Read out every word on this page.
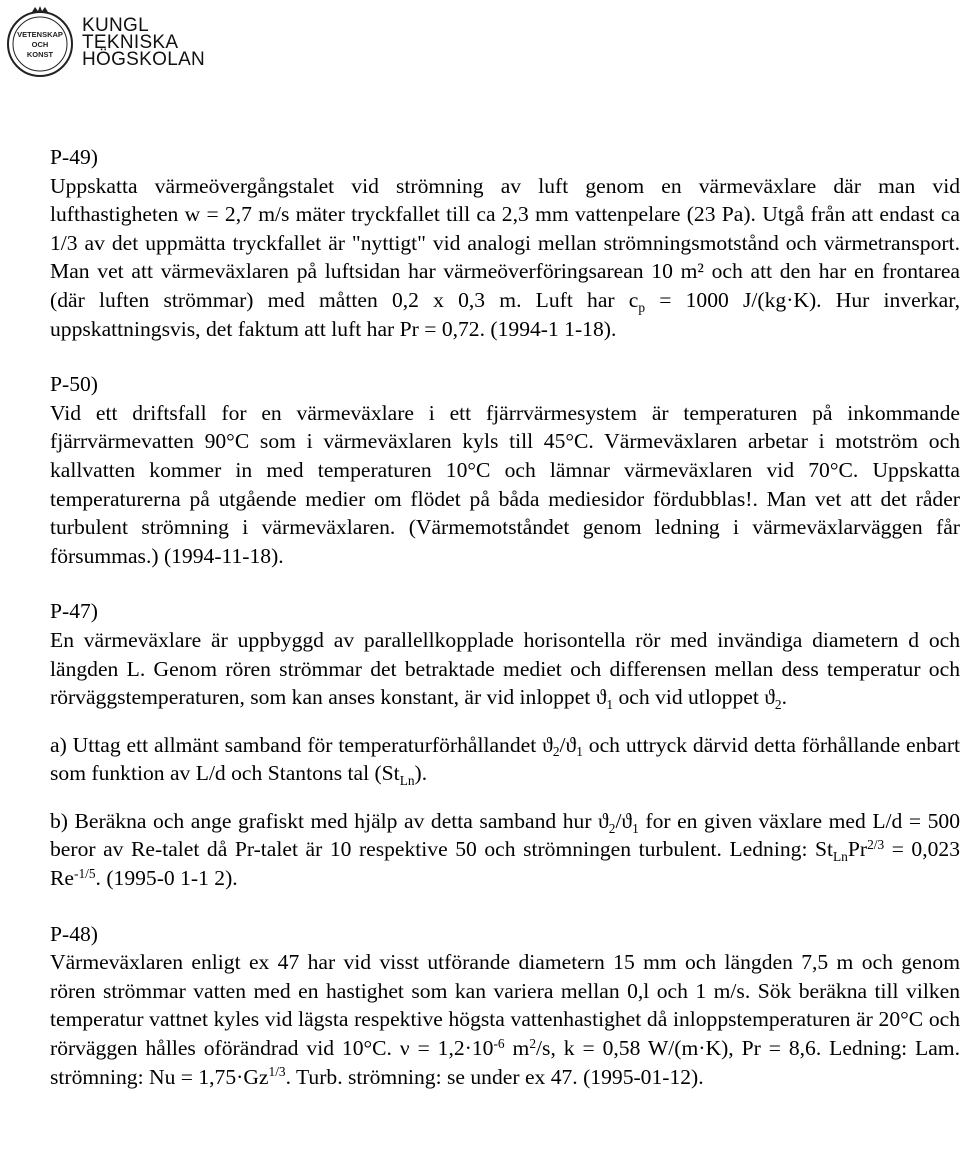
VETENSKAP
OCH
KONST
KUNGL
TEKNISKA
HÖGSKOLAN
P-49)
Uppskatta värmeövergångstalet vid strömning av luft genom en värmeväxlare där man vid lufthastigheten w = 2,7 m/s mäter tryckfallet till ca 2,3 mm vattenpelare (23 Pa). Utgå från att endast ca 1/3 av det uppmätta tryckfallet är "nyttigt" vid analogi mellan strömningsmotstånd och värmetransport. Man vet att värmeväxlaren på luftsidan har värmeöverföringsarean 10 m² och att den har en frontarea (där luften strömmar) med måtten 0,2 x 0,3 m. Luft har $c_p = 1000$ J/(kg·K). Hur inverkar, uppskattningsvis, det faktum att luft har Pr = 0,72. (1994-1 1-18).
P-50)
Vid ett driftsfall for en värmeväxlare i ett fjärrvärmesystem är temperaturen på inkommande fjärrvärmevatten 90°C som i värmeväxlaren kyls till 45°C. Värmeväxlaren arbetar i motström och kallvatten kommer in med temperaturen 10°C och lämnar värmeväxlaren vid 70°C. Uppskatta temperaturerna på utgående medier om flödet på båda mediesidor fördubblas!. Man vet att det råder turbulent strömning i värmeväxlaren. (Värmemotståndet genom ledning i värmeväxlarväggen får försummas.) (1994-11-18).
P-47)
En värmeväxlare är uppbyggd av parallellkopplade horisontella rör med invändiga diametern d och längden L. Genom rören strömmar det betraktade mediet och differensen mellan dess temperatur och rörväggstemperaturen, som kan anses konstant, är vid inloppet $ϑ_1$ och vid utloppet $ϑ_2$.
a) Uttag ett allmänt samband för temperaturförhållandet $ϑ_2/ϑ_1$ och uttryck därvid detta förhållande enbart som funktion av L/d och Stantons tal $(St_{Ln})$.
b) Beräkna och ange grafiskt med hjälp av detta samband hur $ϑ_2/ϑ_1$ for en given växlare med L/d = 500 beror av Re-talet då Pr-talet är 10 respektive 50 och strömningen turbulent. Ledning: $St_{Ln}Pr^{2/3} = 0,023$ $Re^{-1/5}$. (1995-0 1-1 2).
P-48)
Värmeväxlaren enligt ex 47 har vid visst utförande diametern 15 mm och längden 7,5 m och genom rören strömmar vatten med en hastighet som kan variera mellan 0,l och 1 m/s. Sök beräkna till vilken temperatur vattnet kyles vid lägsta respektive högsta vattenhastighet då inloppstemperaturen är 20°C och rörväggen hålles oförändrad vid 10°C. $\nu = 1,2\cdot 10^{-6}$ $m^2/s$, k = 0,58 W/(m·K), Pr = 8,6. Ledning: Lam. strömning: $Nu = 1,75\cdot Gz^{1/3}$. Turb. strömning: se under ex 47. (1995-01-12).
